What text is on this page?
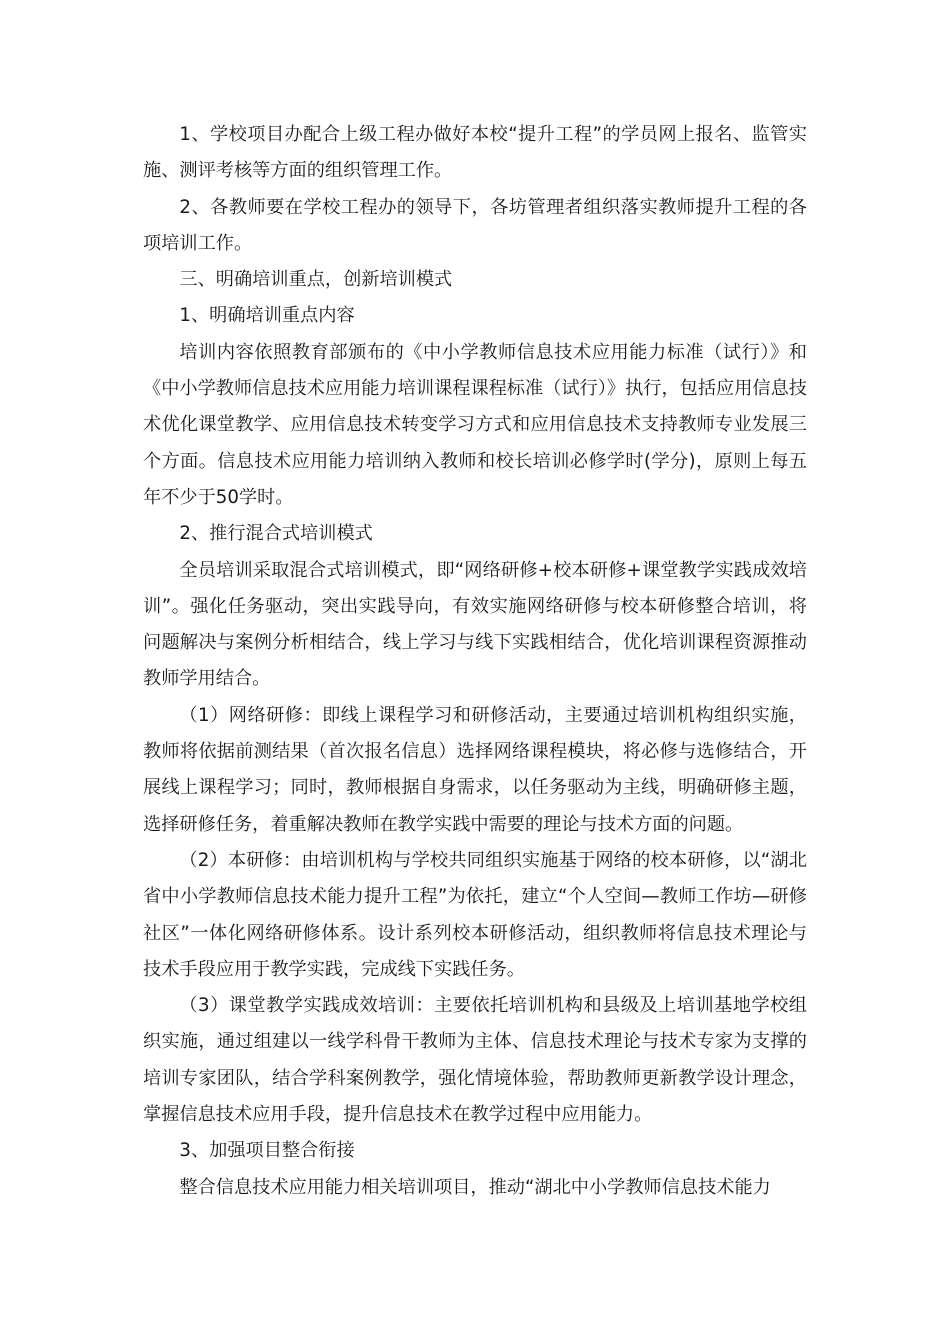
1、学校项目办配合上级工程办做好本校“提升工程”的学员网上报名、监管实施、测评考核等方面的组织管理工作。

2、各教师要在学校工程办的领导下，各坊管理者组织落实教师提升工程的各项培训工作。

三、明确培训重点，创新培训模式

1、明确培训重点内容

培训内容依照教育部颁布的《中小学教师信息技术应用能力标准（试行）》和《中小学教师信息技术应用能力培训课程课程标准（试行）》执行，包括应用信息技术优化课堂教学、应用信息技术转变学习方式和应用信息技术支持教师专业发展三个方面。信息技术应用能力培训纳入教师和校长培训必修学时(学分)，原则上每五年不少于50学时。

2、推行混合式培训模式

全员培训采取混合式培训模式，即“网络研修+校本研修+课堂教学实践成效培训”。强化任务驱动，突出实践导向，有效实施网络研修与校本研修整合培训，将问题解决与案例分析相结合，线上学习与线下实践相结合，优化培训课程资源推动教师学用结合。

（1）网络研修：即线上课程学习和研修活动，主要通过培训机构组织实施，教师将依据前测结果（首次报名信息）选择网络课程模块，将必修与选修结合，开展线上课程学习；同时，教师根据自身需求，以任务驱动为主线，明确研修主题，选择研修任务，着重解决教师在教学实践中需要的理论与技术方面的问题。

（2）本研修：由培训机构与学校共同组织实施基于网络的校本研修，以“湖北省中小学教师信息技术能力提升工程”为依托，建立“个人空间—教师工作坊—研修社区”一体化网络研修体系。设计系列校本研修活动，组织教师将信息技术理论与技术手段应用于教学实践，完成线下实践任务。

（3）课堂教学实践成效培训：主要依托培训机构和县级及上培训基地学校组织实施，通过组建以一线学科骨干教师为主体、信息技术理论与技术专家为支撑的培训专家团队，结合学科案例教学，强化情境体验，帮助教师更新教学设计理念，掌握信息技术应用手段，提升信息技术在教学过程中应用能力。

3、加强项目整合衔接

整合信息技术应用能力相关培训项目，推动“湖北中小学教师信息技术能力
